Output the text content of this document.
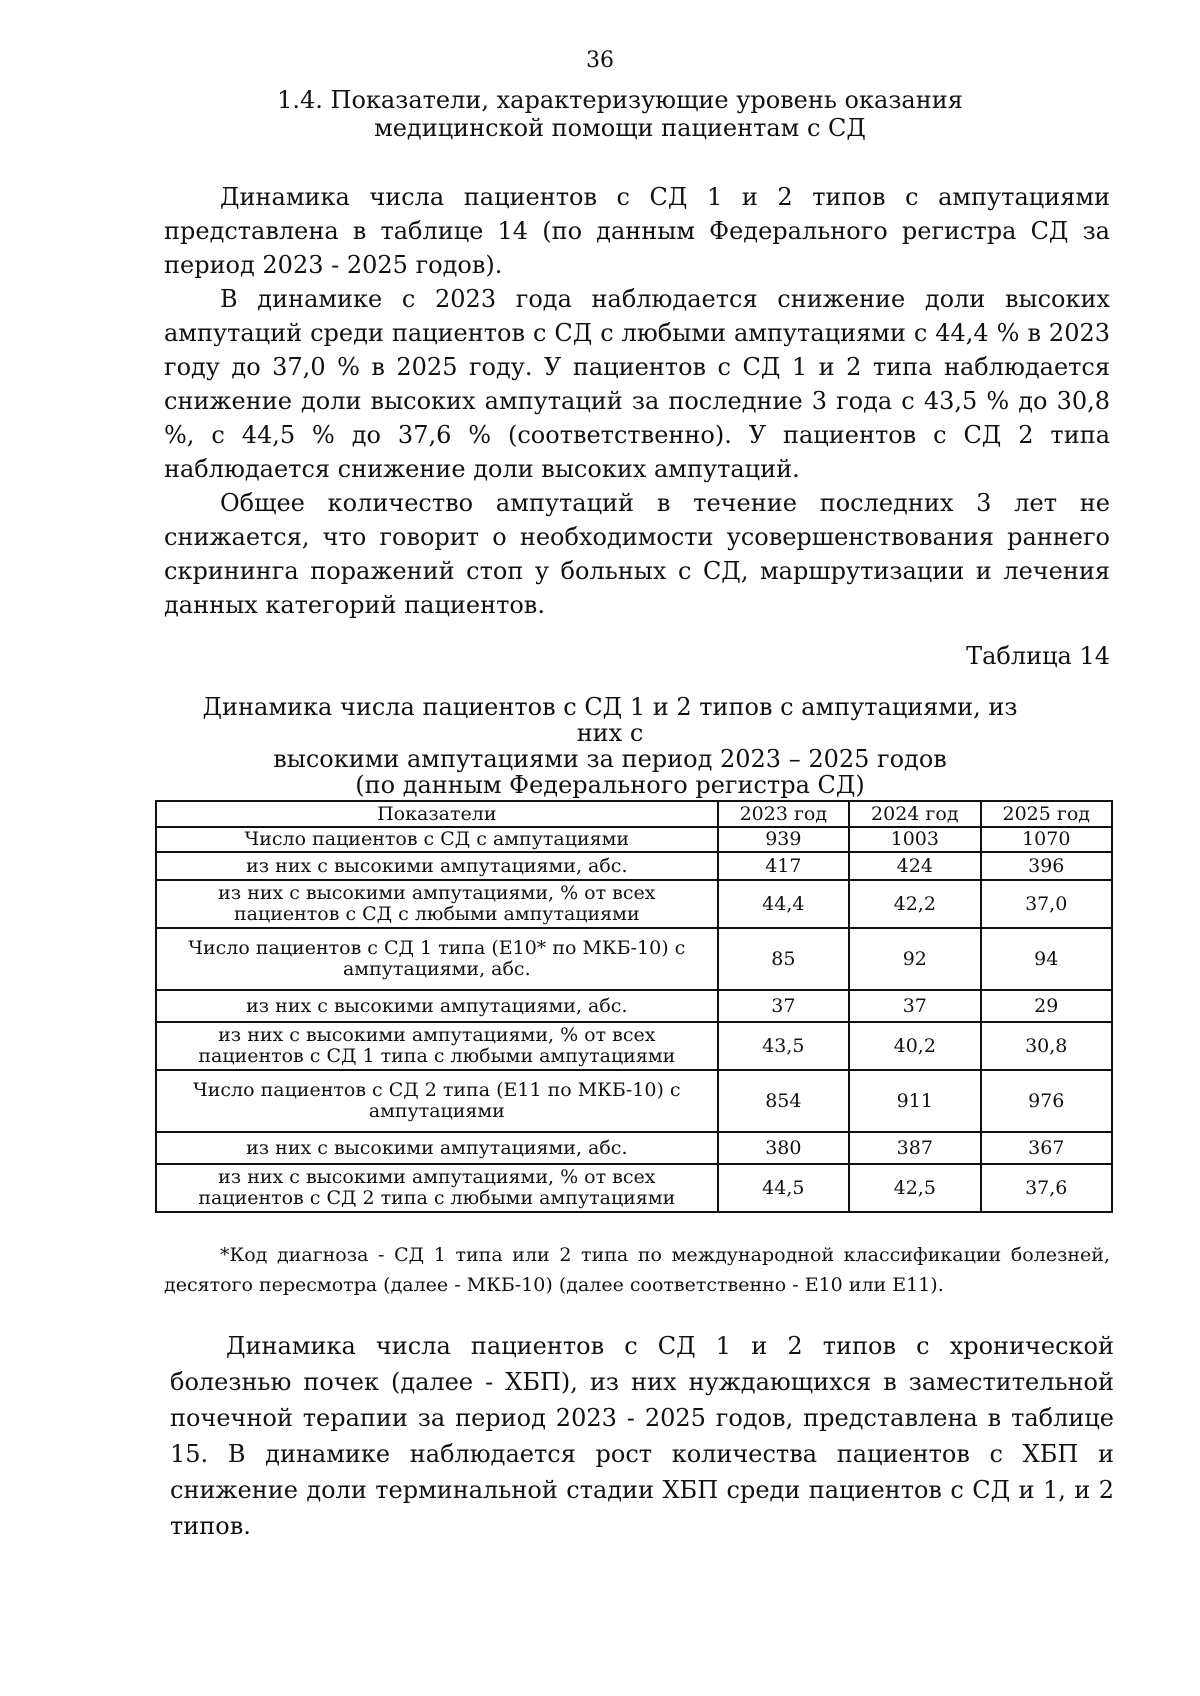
36
1.4. Показатели, характеризующие уровень оказания
медицинской помощи пациентам с СД

Динамика числа пациентов с СД 1 и 2 типов с ампутациями представлена в таблице 14 (по данным Федерального регистра СД за период 2023 - 2025 годов).

В динамике с 2023 года наблюдается снижение доли высоких ампутаций среди пациентов с СД с любыми ампутациями с 44,4 % в 2023 году до 37,0 % в 2025 году. У пациентов с СД 1 и 2 типа наблюдается снижение доли высоких ампутаций за последние 3 года с 43,5 % до 30,8 %, с 44,5 % до 37,6 % (соответственно). У пациентов с СД 2 типа наблюдается снижение доли высоких ампутаций.

Общее количество ампутаций в течение последних 3 лет не снижается, что говорит о необходимости усовершенствования раннего скрининга поражений стоп у больных с СД, маршрутизации и лечения данных категорий пациентов.

Таблица 14
Динамика числа пациентов с СД 1 и 2 типов с ампутациями, из них с
высокими ампутациями за период 2023 – 2025 годов
(по данным Федерального регистра СД)
Показатели	2023 год	2024 год	2025 год
Число пациентов с СД с ампутациями	939	1003	1070
из них с высокими ампутациями, абс.	417	424	396

из них с высокими ампутациями, % от всех
пациентов с СД с любыми ампутациями	44,4	42,2	37,0

Число пациентов с СД 1 типа (Е10* по МКБ-10) с
ампутациями, абс.	85	92	94
из них с высокими ампутациями, абс.	37	37	29

из них с высокими ампутациями, % от всех
пациентов с СД 1 типа с любыми ампутациями	43,5	40,2	30,8

Число пациентов с СД 2 типа (Е11 по МКБ-10) с
ампутациями	854	911	976
из них с высокими ампутациями, абс.	380	387	367

из них с высокими ампутациями, % от всех
пациентов с СД 2 типа с любыми ампутациями	44,5	42,5	37,6

*Код диагноза - СД 1 типа или 2 типа по международной классификации болезней, десятого пересмотра (далее - МКБ-10) (далее соответственно - Е10 или Е11).

Динамика числа пациентов с СД 1 и 2 типов с хронической болезнью почек (далее - ХБП), из них нуждающихся в заместительной почечной терапии за период 2023 - 2025 годов, представлена в таблице 15. В динамике наблюдается рост количества пациентов с ХБП и снижение доли терминальной стадии ХБП среди пациентов с СД и 1, и 2 типов.
